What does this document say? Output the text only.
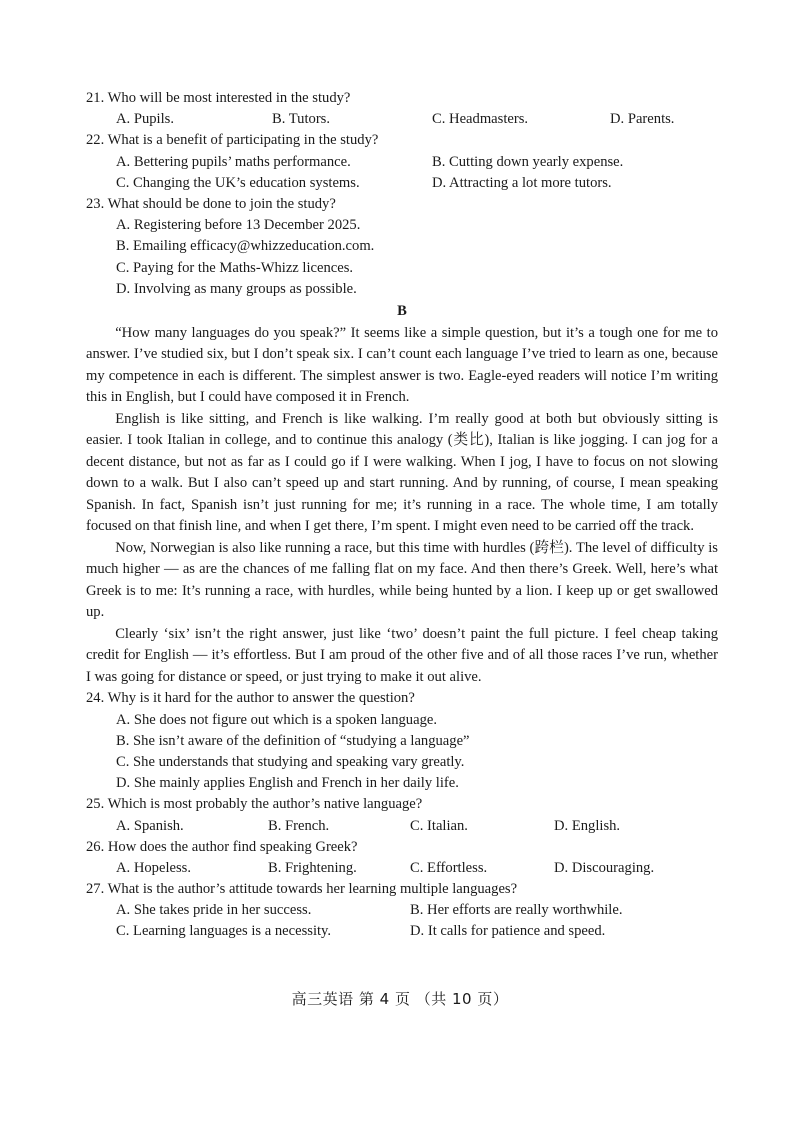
21. Who will be most interested in the study?
A. Pupils.	B. Tutors.	C. Headmasters.	D. Parents.
22. What is a benefit of participating in the study?
A. Bettering pupils’ maths performance.	B. Cutting down yearly expense.
C. Changing the UK’s education systems.	D. Attracting a lot more tutors.
23. What should be done to join the study?
A. Registering before 13 December 2025.
B. Emailing efficacy@whizzeducation.com.
C. Paying for the Maths-Whizz licences.
D. Involving as many groups as possible.
B

“How many languages do you speak?” It seems like a simple question, but it’s a tough one for me to answer. I’ve studied six, but I don’t speak six. I can’t count each language I’ve tried to learn as one, because my competence in each is different. The simplest answer is two. Eagle-eyed readers will notice I’m writing this in English, but I could have composed it in French.

English is like sitting, and French is like walking. I’m really good at both but obviously sitting is easier. I took Italian in college, and to continue this analogy (类比), Italian is like jogging. I can jog for a decent distance, but not as far as I could go if I were walking. When I jog, I have to focus on not slowing down to a walk. But I also can’t speed up and start running. And by running, of course, I mean speaking Spanish. In fact, Spanish isn’t just running for me; it’s running in a race. The whole time, I am totally focused on that finish line, and when I get there, I’m spent. I might even need to be carried off the track.

Now, Norwegian is also like running a race, but this time with hurdles (跨栏). The level of difficulty is much higher — as are the chances of me falling flat on my face. And then there’s Greek. Well, here’s what Greek is to me: It’s running a race, with hurdles, while being hunted by a lion. I keep up or get swallowed up.

Clearly ‘six’ isn’t the right answer, just like ‘two’ doesn’t paint the full picture. I feel cheap taking credit for English — it’s effortless. But I am proud of the other five and of all those races I’ve run, whether I was going for distance or speed, or just trying to make it out alive.

24. Why is it hard for the author to answer the question?
A. She does not figure out which is a spoken language.
B. She isn’t aware of the definition of “studying a language”
C. She understands that studying and speaking vary greatly.
D. She mainly applies English and French in her daily life.
25. Which is most probably the author’s native language?
A. Spanish.	B. French.	C. Italian.	D. English.
26. How does the author find speaking Greek?
A. Hopeless.	B. Frightening.	C. Effortless.	D. Discouraging.
27. What is the author’s attitude towards her learning multiple languages?
A. She takes pride in her success.	B. Her efforts are really worthwhile.
C. Learning languages is a necessity.	D. It calls for patience and speed.
高三英语 第 4 页 （共 10 页）
